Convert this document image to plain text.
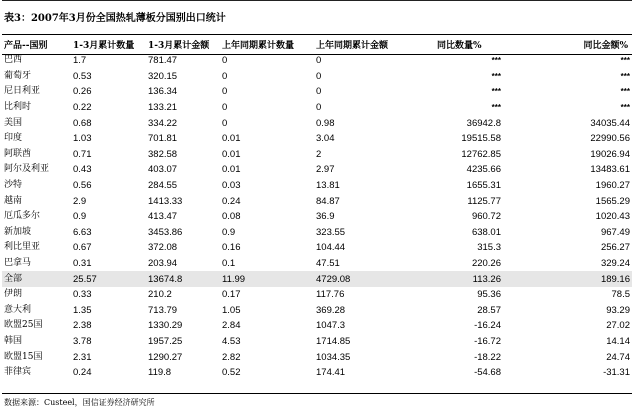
表3：2007年3月份全国热轧薄板分国别出口统计
产品--国别	1-3月累计数量	1-3月累计金额	上年同期累计数量	上年同期累计金额	同比数量%	同比金额%
巴西	1.7	781.47	0	0	***	***
葡萄牙	0.53	320.15	0	0	***	***
尼日利亚	0.26	136.34	0	0	***	***
比利时	0.22	133.21	0	0	***	***
美国	0.68	334.22	0	0.98	36942.8	34035.44
印度	1.03	701.81	0.01	3.04	19515.58	22990.56
阿联酋	0.71	382.58	0.01	2	12762.85	19026.94
阿尔及利亚	0.43	403.07	0.01	2.97	4235.66	13483.61
沙特	0.56	284.55	0.03	13.81	1655.31	1960.27
越南	2.9	1413.33	0.24	84.87	1125.77	1565.29
厄瓜多尔	0.9	413.47	0.08	36.9	960.72	1020.43
新加坡	6.63	3453.86	0.9	323.55	638.01	967.49
利比里亚	0.67	372.08	0.16	104.44	315.3	256.27
巴拿马	0.31	203.94	0.1	47.51	220.26	329.24
全部	25.57	13674.8	11.99	4729.08	113.26	189.16
伊朗	0.33	210.2	0.17	117.76	95.36	78.5
意大利	1.35	713.79	1.05	369.28	28.57	93.29
欧盟25国	2.38	1330.29	2.84	1047.3	-16.24	27.02
韩国	3.78	1957.25	4.53	1714.85	-16.72	14.14
欧盟15国	2.31	1290.27	2.82	1034.35	-18.22	24.74
菲律宾	0.24	119.8	0.52	174.41	-54.68	-31.31
数据来源：Custeel，国信证券经济研究所
